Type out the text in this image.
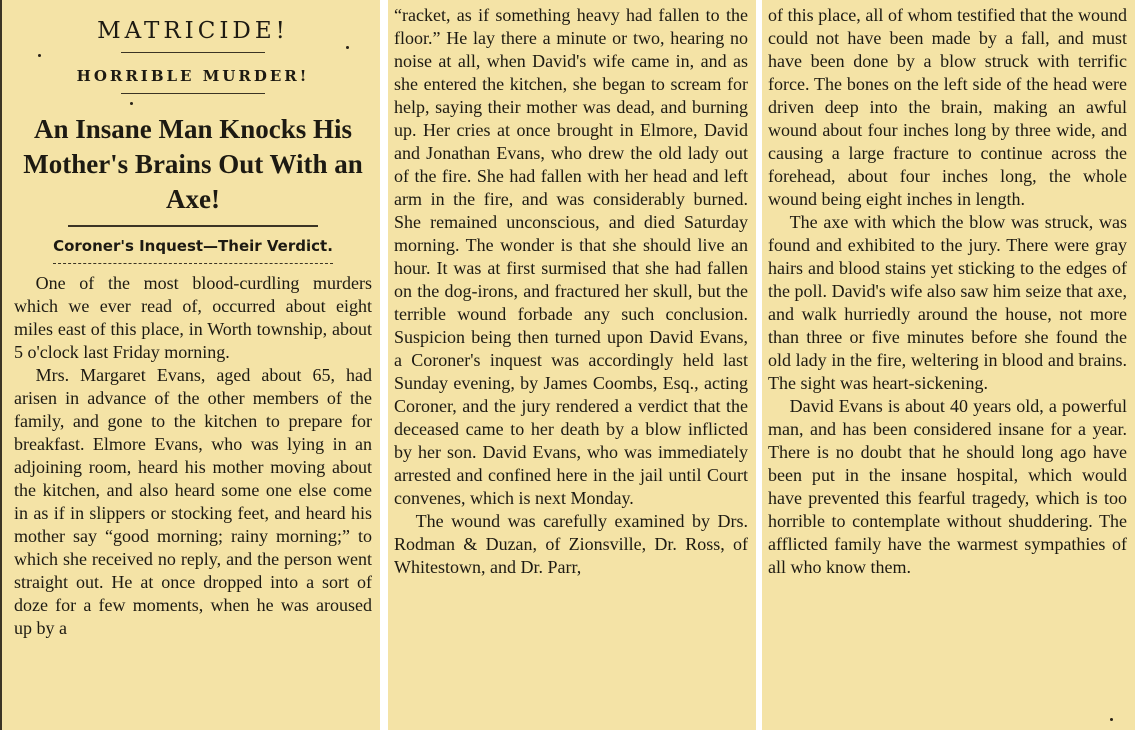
MATRICIDE!
HORRIBLE MURDER!
An Insane Man Knocks His Mother's Brains Out With an Axe!
Coroner's Inquest—Their Verdict.

One of the most blood-curdling murders which we ever read of, occurred about eight miles east of this place, in Worth township, about 5 o'clock last Friday morning.

Mrs. Margaret Evans, aged about 65, had arisen in advance of the other members of the family, and gone to the kitchen to prepare for breakfast. Elmore Evans, who was lying in an adjoining room, heard his mother moving about the kitchen, and also heard some one else come in as if in slippers or stocking feet, and heard his mother say “good morning; rainy morning;” to which she received no reply, and the person went straight out. He at once dropped into a sort of doze for a few moments, when he was aroused up by a

“racket, as if something heavy had fallen to the floor.” He lay there a minute or two, hearing no noise at all, when David's wife came in, and as she entered the kitchen, she began to scream for help, saying their mother was dead, and burning up. Her cries at once brought in Elmore, David and Jonathan Evans, who drew the old lady out of the fire. She had fallen with her head and left arm in the fire, and was considerably burned. She remained unconscious, and died Saturday morning. The wonder is that she should live an hour. It was at first surmised that she had fallen on the dog-irons, and fractured her skull, but the terrible wound forbade any such conclusion. Suspicion being then turned upon David Evans, a Coroner's inquest was accordingly held last Sunday evening, by James Coombs, Esq., acting Coroner, and the jury rendered a verdict that the deceased came to her death by a blow inflicted by her son. David Evans, who was immediately arrested and confined here in the jail until Court convenes, which is next Monday.

The wound was carefully examined by Drs. Rodman & Duzan, of Zionsville, Dr. Ross, of Whitestown, and Dr. Parr,

of this place, all of whom testified that the wound could not have been made by a fall, and must have been done by a blow struck with terrific force. The bones on the left side of the head were driven deep into the brain, making an awful wound about four inches long by three wide, and causing a large fracture to continue across the forehead, about four inches long, the whole wound being eight inches in length.

The axe with which the blow was struck, was found and exhibited to the jury. There were gray hairs and blood stains yet sticking to the edges of the poll. David's wife also saw him seize that axe, and walk hurriedly around the house, not more than three or five minutes before she found the old lady in the fire, weltering in blood and brains. The sight was heart-sickening.

David Evans is about 40 years old, a powerful man, and has been considered insane for a year. There is no doubt that he should long ago have been put in the insane hospital, which would have prevented this fearful tragedy, which is too horrible to contemplate without shuddering. The afflicted family have the warmest sympathies of all who know them.
